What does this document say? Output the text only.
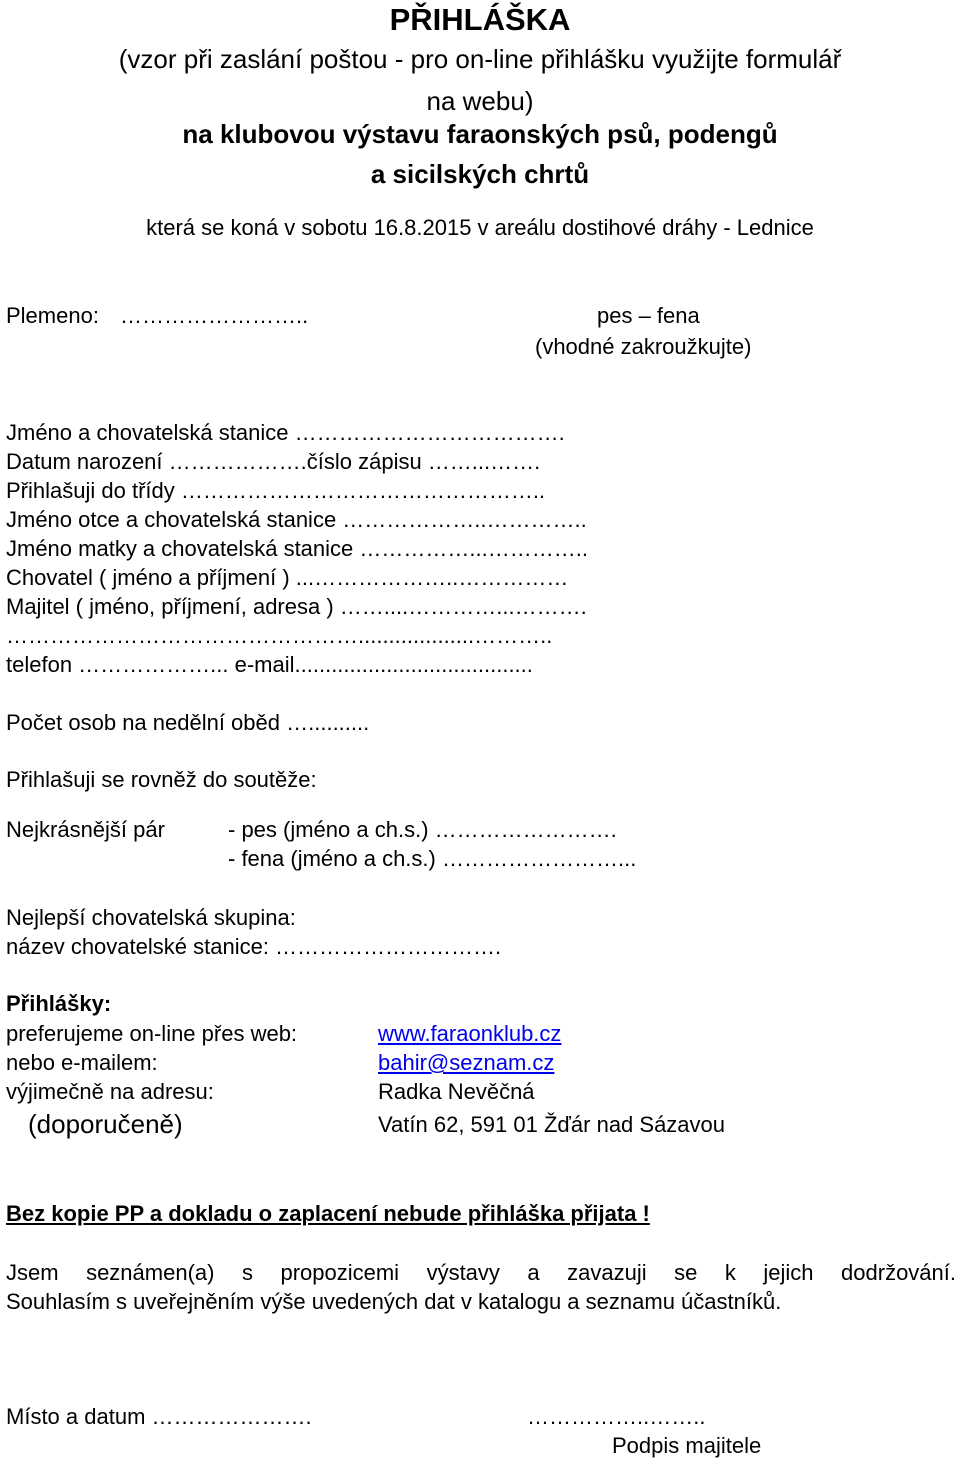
PŘIHLÁŠKA
(vzor při zaslání poštou - pro on-line přihlášku využijte formulář
na webu)
na klubovou výstavu faraonských psů, podengů
a sicilských chrtů
která se koná v sobotu 16.8.2015 v areálu dostihové dráhy - Lednice
Plemeno: ……………………..	pes – fena
(vhodné zakroužkujte)
Jméno a chovatelská stanice ……………………………….
Datum narození ……………….číslo zápisu ……...…….
Přihlašuji do třídy …………………………………………..
Jméno otce a chovatelská stanice ………………..…………..
Jméno matky a chovatelská stanice ……………...…………..
Chovatel ( jméno a příjmení ) ...………………..……………
Majitel ( jméno, příjmení, adresa ) ……....…………...……….
…………………………………………...................………..
telefon ………………... e-mail.......................................
Počet osob na nedělní oběd …..........
Přihlašuji se rovněž do soutěže:
Nejkrásnější pár	- pes (jméno a ch.s.) …………………….
- fena (jméno a ch.s.) ……………………...
Nejlepší chovatelská skupina:
název chovatelské stanice: ………………………….
Přihlášky:
preferujeme on-line přes web:	www.faraonklub.cz
nebo e-mailem:	bahir@seznam.cz
výjimečně na adresu:	Radka Nevěčná
(doporučeně)	Vatín 62, 591 01 Žďár nad Sázavou
Bez kopie PP a dokladu o zaplacení nebude přihláška přijata !
Jsem seznámen(a) s propozicemi výstavy a zavazuji se k jejich dodržování.
Souhlasím s uveřejněním výše uvedených dat v katalogu a seznamu účastníků.
Místo a datum ………………….	……………..……..
Podpis majitele
